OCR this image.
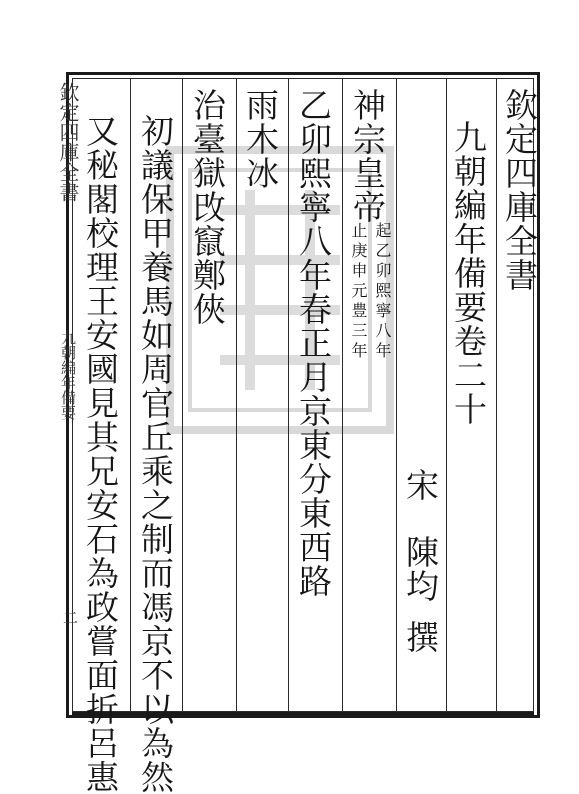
欽定四庫全書
九朝編年備要卷二十
宋
陳均
撰
神宗皇帝
起乙卯熙寧八年
止庚申元豊三年
乙卯熙寧八年春正月京東分東西路
雨木冰
治臺獄攺竄鄭俠
初議保甲養馬如周官丘乘之制而馮京不以為然
又秘閣校理王安國見其兄安石為政嘗面折呂惠
欽定四庫全書
九朝編年備要
二
